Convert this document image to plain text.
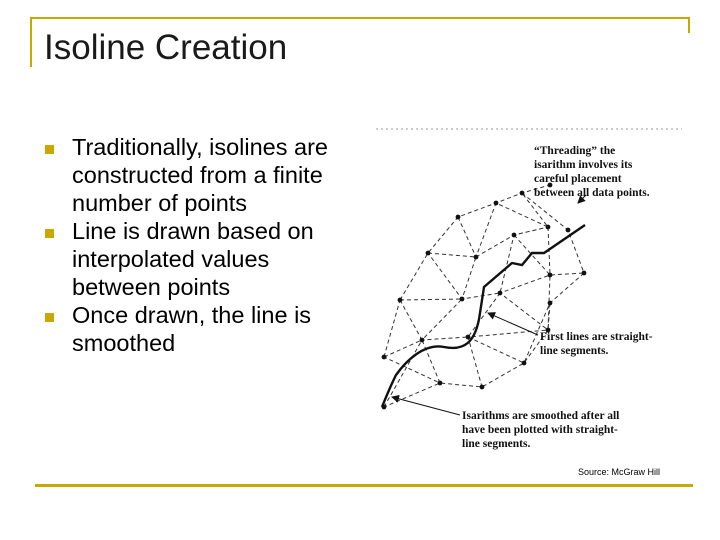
Isoline Creation
Traditionally, isolines are constructed from a finite number of points
Line is drawn based on interpolated values between points
Once drawn, the line is smoothed
“Threading” the
isarithm involves its
careful placement
between all data points.
First lines are straight-
line segments.
Isarithms are smoothed after all
have been plotted with straight-
line segments.
Source: McGraw Hill
